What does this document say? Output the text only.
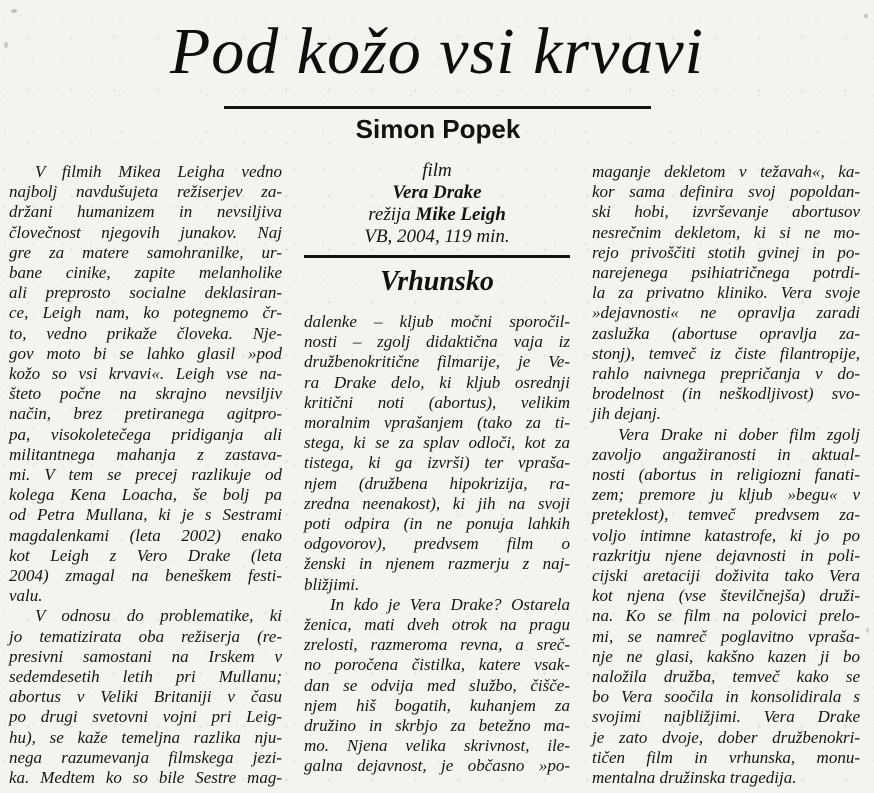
Pod kožo vsi krvavi
Simon Popek
V filmih Mikea Leigha vedno
najbolj navdušujeta režiserjev za-
držani humanizem in nevsiljiva
človečnost njegovih junakov. Naj
gre za matere samohranilke, ur-
bane cinike, zapite melanholike
ali preprosto socialne deklasiran-
ce, Leigh nam, ko potegnemo čr-
to, vedno prikaže človeka. Nje-
gov moto bi se lahko glasil »pod
kožo so vsi krvavi«. Leigh vse na-
šteto počne na skrajno nevsiljiv
način, brez pretiranega agitpro-
pa, visokoletečega pridiganja ali
militantnega mahanja z zastava-
mi. V tem se precej razlikuje od
kolega Kena Loacha, še bolj pa
od Petra Mullana, ki je s Sestrami
magdalenkami (leta 2002) enako
kot Leigh z Vero Drake (leta
2004) zmagal na beneškem festi-
valu.
V odnosu do problematike, ki
jo tematizirata oba režiserja (re-
presivni samostani na Irskem v
sedemdesetih letih pri Mullanu;
abortus v Veliki Britaniji v času
po drugi svetovni vojni pri Leig-
hu), se kaže temeljna razlika nju-
nega razumevanja filmskega jezi-
ka. Medtem ko so bile Sestre mag-
film
Vera Drake
režija Mike Leigh
VB, 2004, 119 min.
Vrhunsko
dalenke – kljub močni sporočil-
nosti – zgolj didaktična vaja iz
družbenokritične filmarije, je Ve-
ra Drake delo, ki kljub osrednji
kritični noti (abortus), velikim
moralnim vprašanjem (tako za ti-
stega, ki se za splav odloči, kot za
tistega, ki ga izvrši) ter vpraša-
njem (družbena hipokrizija, ra-
zredna neenakost), ki jih na svoji
poti odpira (in ne ponuja lahkih
odgovorov), predvsem film o
ženski in njenem razmerju z naj-
bližjimi.
In kdo je Vera Drake? Ostarela
ženica, mati dveh otrok na pragu
zrelosti, razmeroma revna, a sreč-
no poročena čistilka, katere vsak-
dan se odvija med službo, čišče-
njem hiš bogatih, kuhanjem za
družino in skrbjo za betežno ma-
mo. Njena velika skrivnost, ile-
galna dejavnost, je občasno »po-
maganje dekletom v težavah«, ka-
kor sama definira svoj popoldan-
ski hobi, izvrševanje abortusov
nesrečnim dekletom, ki si ne mo-
rejo privoščiti stotih gvinej in po-
narejenega psihiatričnega potrdi-
la za privatno kliniko. Vera svoje
»dejavnosti« ne opravlja zaradi
zaslužka (abortuse opravlja za-
stonj), temveč iz čiste filantropije,
rahlo naivnega prepričanja v do-
brodelnost (in neškodljivost) svo-
jih dejanj.
Vera Drake ni dober film zgolj
zavoljo angažiranosti in aktual-
nosti (abortus in religiozni fanati-
zem; premore ju kljub »begu« v
preteklost), temveč predvsem za-
voljo intimne katastrofe, ki jo po
razkritju njene dejavnosti in poli-
cijski aretaciji doživita tako Vera
kot njena (vse številčnejša) druži-
na. Ko se film na polovici prelo-
mi, se namreč poglavitno vpraša-
nje ne glasi, kakšno kazen ji bo
naložila družba, temveč kako se
bo Vera soočila in konsolidirala s
svojimi najbližjimi. Vera Drake
je zato dvoje, dober družbenokri-
tičen film in vrhunska, monu-
mentalna družinska tragedija.
